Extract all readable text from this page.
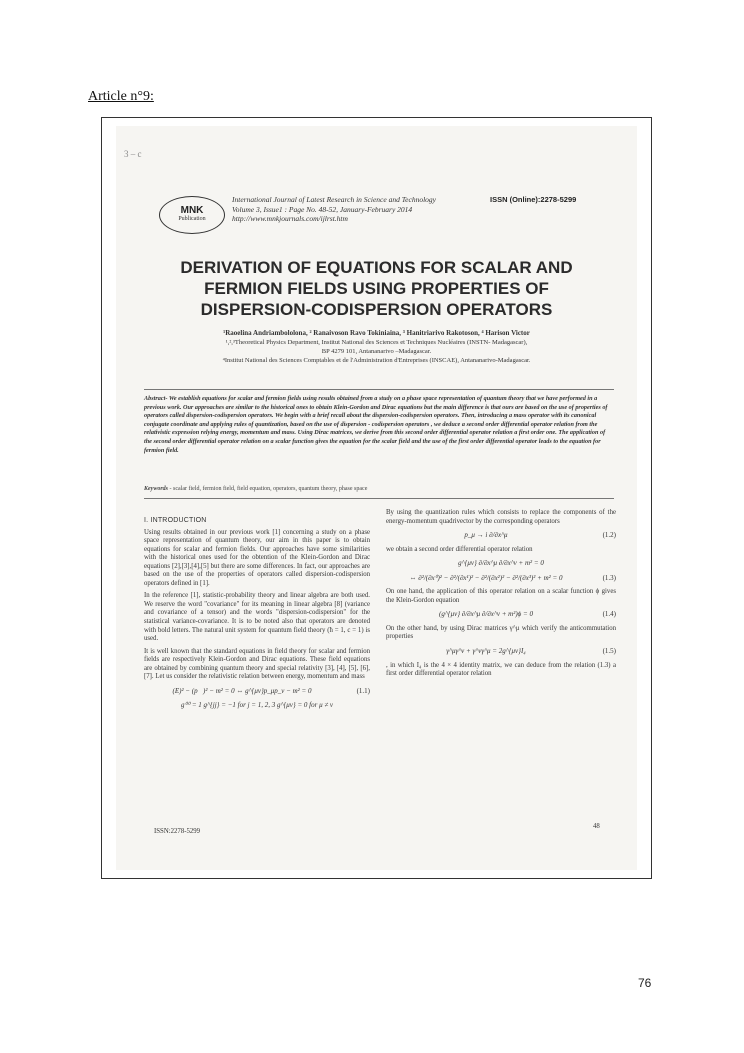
Article n°9:
3 – c
MNK
Publication
International Journal of Latest Research in Science and Technology
Volume 3, Issue1 : Page No. 48-52, January-February 2014
http://www.mnkjournals.com/ijlrst.htm
ISSN (Online):2278-5299
DERIVATION OF EQUATIONS FOR SCALAR AND
FERMION FIELDS USING PROPERTIES OF
DISPERSION-CODISPERSION OPERATORS
¹Raoelina Andriambololona, ² Ranaivoson Ravo Tokiniaina, ³ Hanitriarivo Rakotoson, ⁴ Harison Victor
¹,²,³Theoretical Physics Department, Institut National des Sciences et Techniques Nucléaires (INSTN- Madagascar),
BP 4279 101, Antananarivo –Madagascar.
⁴Institut National des Sciences Comptables et de l'Administration d'Entreprises (INSCAE), Antananarivo-Madagascar.
Abstract- We establish equations for scalar and fermion fields using results obtained from a study on a phase space representation of quantum theory that we have performed in a previous work. Our approaches are similar to the historical ones to obtain Klein-Gordon and Dirac equations but the main difference is that ours are based on the use of properties of operators called dispersion-codispersion operators. We begin with a brief recall about the dispersion-codispersion operators. Then, introducing a mass operator with its canonical conjugate coordinate and applying rules of quantization, based on the use of dispersion - codispersion operators , we deduce a second order differential operator relation from the relativistic expression relying energy, momentum and mass. Using Dirac matrices, we derive from this second order differential operator relation a first order one. The application of the second order differential operator relation on a scalar function gives the equation for the scalar field and the use of the first order differential operator leads to the equation for fermion field.
Keywords - scalar field, fermion field, field equation, operators, quantum theory, phase space
I. INTRODUCTION

Using results obtained in our previous work [1] concerning a study on a phase space representation of quantum theory, our aim in this paper is to obtain equations for scalar and fermion fields. Our approaches have some similarities with the historical ones used for the obtention of the Klein-Gordon and Dirac equations [2],[3],[4],[5] but there are some differences. In fact, our approaches are based on the use of the properties of operators called dispersion-codispersion operators defined in [1].

In the reference [1], statistic-probability theory and linear algebra are both used. We reserve the word "covariance" for its meaning in linear algebra [8] (variance and covariance of a tensor) and the words "dispersion-codispersion" for the statistical variance-covariance. It is to be noted also that operators are denoted with bold letters. The natural unit system for quantum field theory (ħ = 1, c = 1) is used.

It is well known that the standard equations in field theory for scalar and fermion fields are respectively Klein-Gordon and Dirac equations. These field equations are obtained by combining quantum theory and special relativity [3], [4], [5], [6], [7]. Let us consider the relativistic relation between energy, momentum and mass

(E)² − (p⃗)² − m² = 0 ⇔ g^{μν}p_μp_ν − m² = 0	(1.1)
g⁰⁰ = 1 g^{jj} = −1 for j = 1, 2, 3 g^{μν} = 0 for μ ≠ ν

By using the quantization rules which consists to replace the components of the energy-momentum quadrivector by the corresponding operators

p_μ → i ∂/∂x^μ	(1.2)

we obtain a second order differential operator relation

g^{μν} ∂/∂x^μ ∂/∂x^ν + m² = 0
⇔ ∂²/(∂x⁰)² − ∂²/(∂x¹)² − ∂²/(∂x²)² − ∂²/(∂x³)² + m² = 0	(1.3)

On one hand, the application of this operator relation on a scalar function ϕ gives the Klein-Gordon equation

(g^{μν} ∂/∂x^μ ∂/∂x^ν + m²)ϕ = 0	(1.4)

On the other hand, by using Dirac matrices γ^μ which verify the anticommutation properties

γ^μγ^ν + γ^νγ^μ = 2g^{μν}I₄	(1.5)

, in which I₄ is the 4 × 4 identity matrix, we can deduce from the relation (1.3) a first order differential operator relation

ISSN:2278-5299
48
76
